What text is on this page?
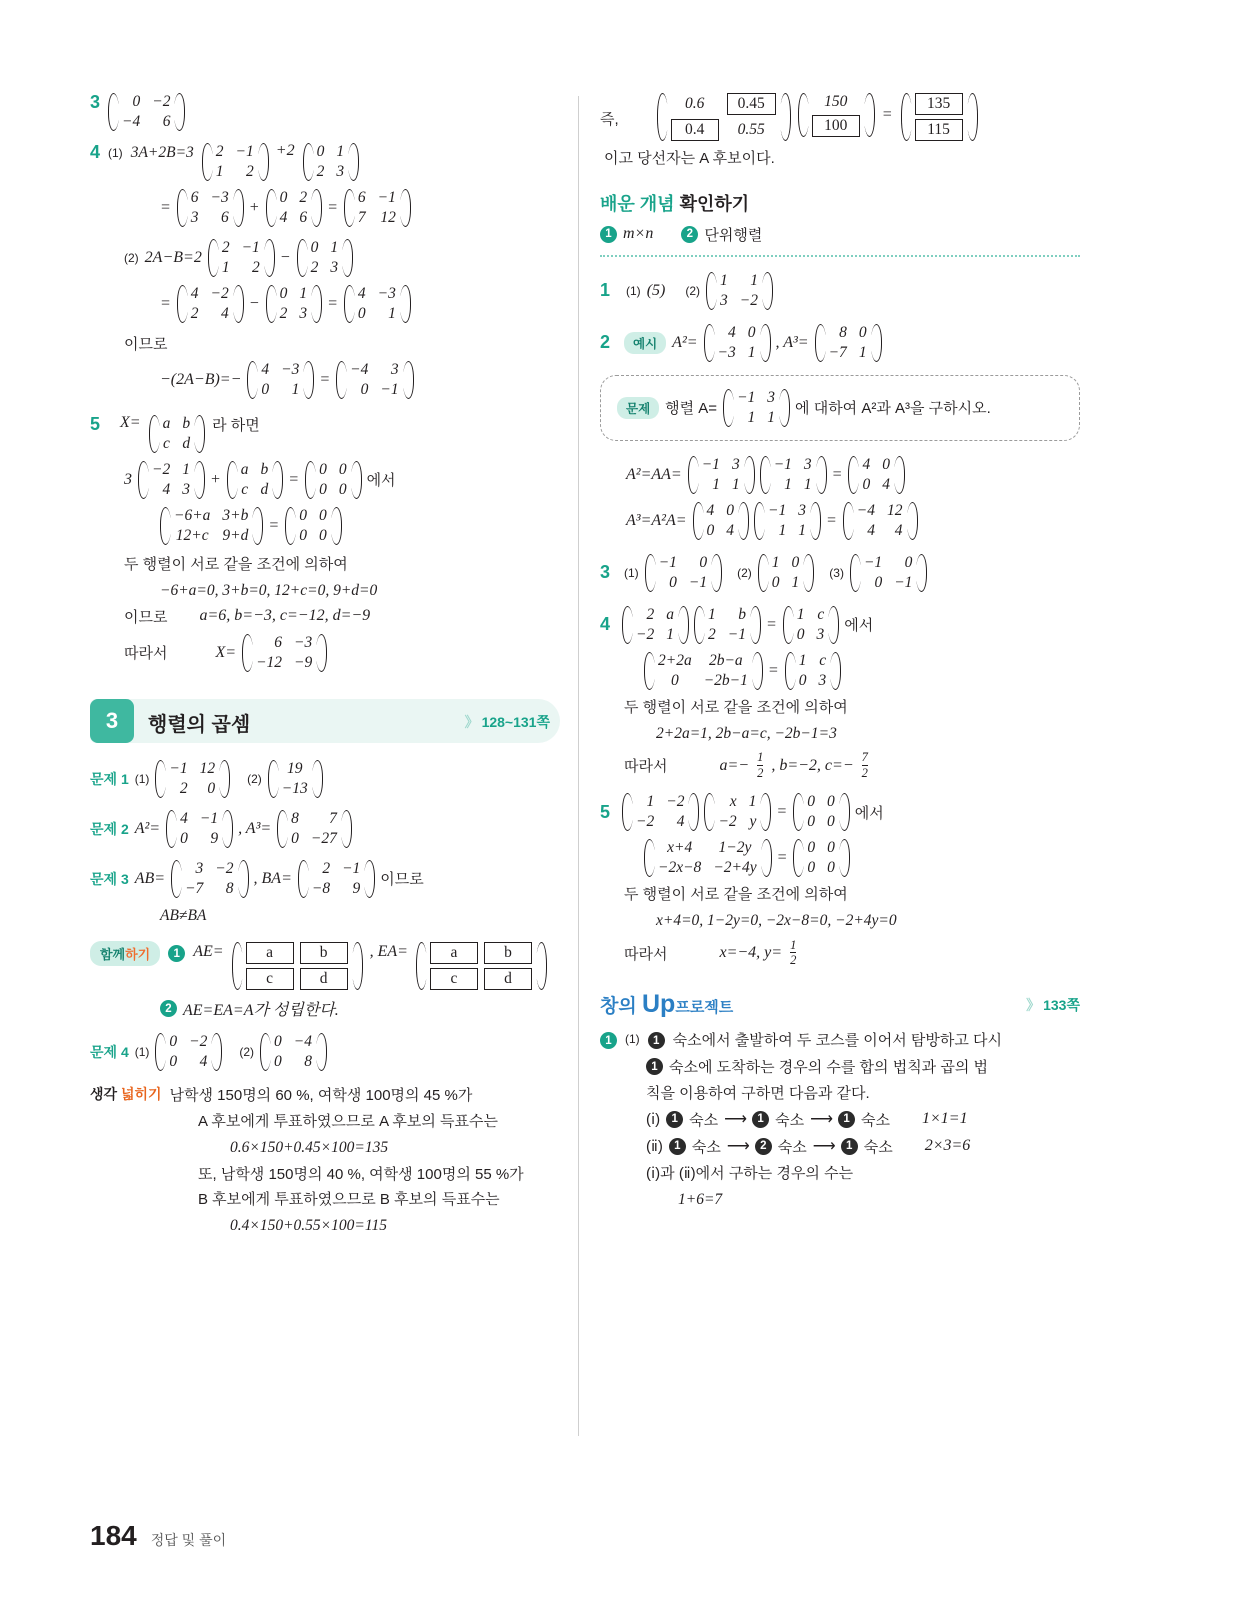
3 0 −2
−4 6
4 (1) 3A+2B=3 2 −1
1 2
+2 0 1
2 3
=
6 −3
3 6
+
0 2
4 6
=
6 −1
7 12
(2) 2A−B=2
2 −1
1 2
−
0 1
2 3
=
4 −2
2 4
−
0 1
2 3
=
4 −3
0 1
이므로
−(2A−B)=−
4 −3
0 1
=
−4 3
0 −1
5 X= a b
c d
라 하면
3
−2 1
4 3
+
a b
c d
=
0 0
0 0 에서
−6+a 3+b
12+c 9+d
=
0 0
0 0
두 행렬이 서로 같을 조건에 의하여
−6+a=0, 3+b=0, 12+c=0, 9+d=0
이므로 a=6, b=−3, c=−12, d=−9
따라서	X=
6 −3
−12 −9
3	행렬의 곱셈	》 128~131쪽
문제 1 (1)
−1 12
2 0
(2)
19
−13
문제 2 A²=
4 −1
0 9
, A³=
8 7
0 −27
문제 3 AB=
3 −2
−7 8
, BA=
2 −1
−8 9 이므로
AB≠BA
함께하기	1 AE=	a	b
c	d
, EA=	a	b
c	d
2 AE=EA=A가 성립한다.
문제 4 (1)
0 −2
0 4
(2)
0 −4
0 8
생각 넓히기 남학생 150명의 60 %, 여학생 100명의 45 %가
A 후보에게 투표하였으므로 A 후보의 득표수는
0.6×150+0.45×100=135
또, 남학생 150명의 40 %, 여학생 100명의 55 %가
B 후보에게 투표하였으므로 B 후보의 득표수는
0.4×150+0.55×100=115
즉,
0.6	0.45
0.4	0.55
150
100
=
135
115
이고 당선자는 A 후보이다.
배운 개념 확인하기
1 m×n	2 단위행렬
1 (1) (5) (2)
1 1
3 −2
2	예시 A²=
4 0
−3 1
, A³=
8 0
−7 1
문제	행렬 A=
−1 3
1 1 에 대하여 A²과 A³을 구하시오.
A²=AA=
−1 3
1 1
−1 3
1 1
=
4 0
0 4
A³=A²A=
4 0
0 4
−1 3
1 1
=
−4 12
4 4
3 (1)
−1 0
0 −1
(2)
1 0
0 1
(3)
−1 0
0 −1
4 2 a
−2 1
1 b
2 −1
=
1 c
0 3 에서
2+2a 2b−a
0 −2b−1
=
1 c
0 3
두 행렬이 서로 같을 조건에 의하여
2+2a=1, 2b−a=c, −2b−1=3
따라서	$a=- \frac{1}{2}$ , b=−2, $c=- \frac{7}{2}$
5 1 −2
−2 4
x 1
−2 y
=
0 0
0 0 에서
x+4 1−2y
−2x−8 −2+4y
=
0 0
0 0
두 행렬이 서로 같을 조건에 의하여
x+4=0, 1−2y=0, −2x−8=0, −2+4y=0
따라서	x=−4, $y= \frac{1}{2}$
창의 Up프로젝트	》 133쪽
1	(1)	1 숙소에서 출발하여 두 코스를 이어서 탐방하고 다시
1 숙소에 도착하는 경우의 수를 합의 법칙과 곱의 법
칙을 이용하여 구하면 다음과 같다.
(ⅰ) 1 숙소 ⟶ 1 숙소 ⟶ 1 숙소 1×1=1
(ⅱ) 1 숙소 ⟶ 2 숙소 ⟶ 1 숙소 2×3=6
(ⅰ)과 (ⅱ)에서 구하는 경우의 수는
1+6=7
184 정답 및 풀이
